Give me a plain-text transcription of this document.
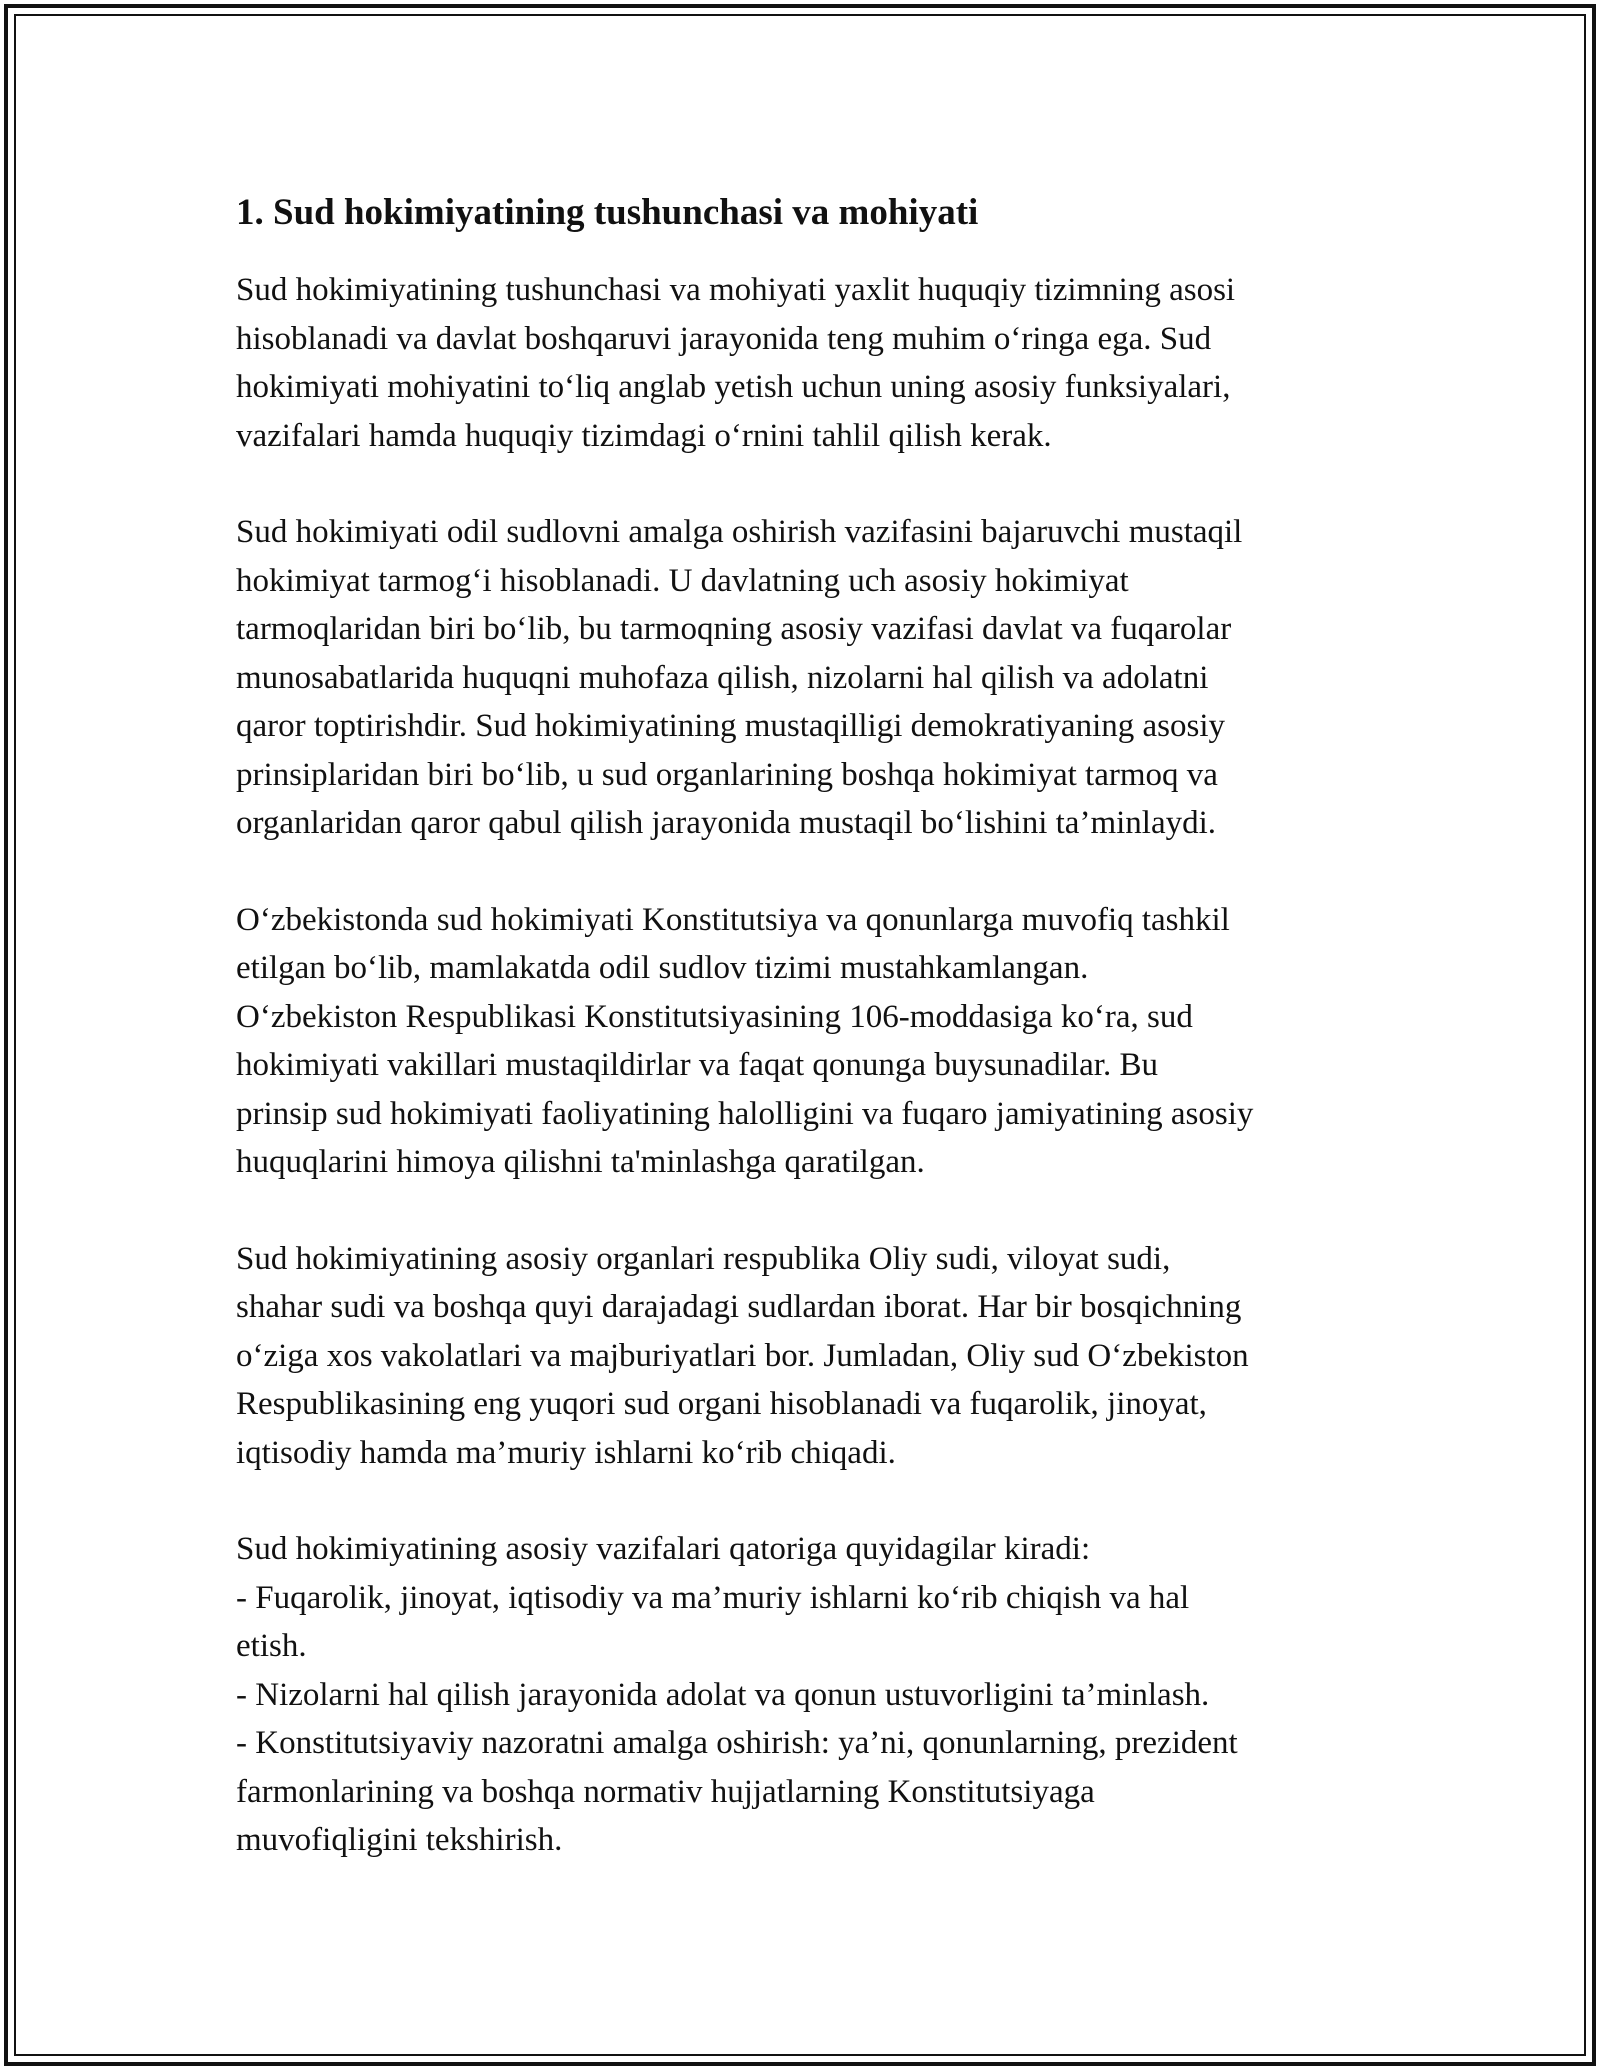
1. Sud hokimiyatining tushunchasi va mohiyati
Sud hokimiyatining tushunchasi va mohiyati yaxlit huquqiy tizimning asosi
hisoblanadi va davlat boshqaruvi jarayonida teng muhim o‘ringa ega. Sud
hokimiyati mohiyatini to‘liq anglab yetish uchun uning asosiy funksiyalari,
vazifalari hamda huquqiy tizimdagi o‘rnini tahlil qilish kerak.
Sud hokimiyati odil sudlovni amalga oshirish vazifasini bajaruvchi mustaqil
hokimiyat tarmog‘i hisoblanadi. U davlatning uch asosiy hokimiyat
tarmoqlaridan biri bo‘lib, bu tarmoqning asosiy vazifasi davlat va fuqarolar
munosabatlarida huquqni muhofaza qilish, nizolarni hal qilish va adolatni
qaror toptirishdir. Sud hokimiyatining mustaqilligi demokratiyaning asosiy
prinsiplaridan biri bo‘lib, u sud organlarining boshqa hokimiyat tarmoq va
organlaridan qaror qabul qilish jarayonida mustaqil bo‘lishini ta’minlaydi.
O‘zbekistonda sud hokimiyati Konstitutsiya va qonunlarga muvofiq tashkil
etilgan bo‘lib, mamlakatda odil sudlov tizimi mustahkamlangan.
O‘zbekiston Respublikasi Konstitutsiyasining 106-moddasiga ko‘ra, sud
hokimiyati vakillari mustaqildirlar va faqat qonunga buysunadilar. Bu
prinsip sud hokimiyati faoliyatining halolligini va fuqaro jamiyatining asosiy
huquqlarini himoya qilishni ta'minlashga qaratilgan.
Sud hokimiyatining asosiy organlari respublika Oliy sudi, viloyat sudi,
shahar sudi va boshqa quyi darajadagi sudlardan iborat. Har bir bosqichning
o‘ziga xos vakolatlari va majburiyatlari bor. Jumladan, Oliy sud O‘zbekiston
Respublikasining eng yuqori sud organi hisoblanadi va fuqarolik, jinoyat,
iqtisodiy hamda ma’muriy ishlarni ko‘rib chiqadi.
Sud hokimiyatining asosiy vazifalari qatoriga quyidagilar kiradi:
- Fuqarolik, jinoyat, iqtisodiy va ma’muriy ishlarni ko‘rib chiqish va hal
etish.
- Nizolarni hal qilish jarayonida adolat va qonun ustuvorligini ta’minlash.
- Konstitutsiyaviy nazoratni amalga oshirish: ya’ni, qonunlarning, prezident
farmonlarining va boshqa normativ hujjatlarning Konstitutsiyaga
muvofiqligini tekshirish.
